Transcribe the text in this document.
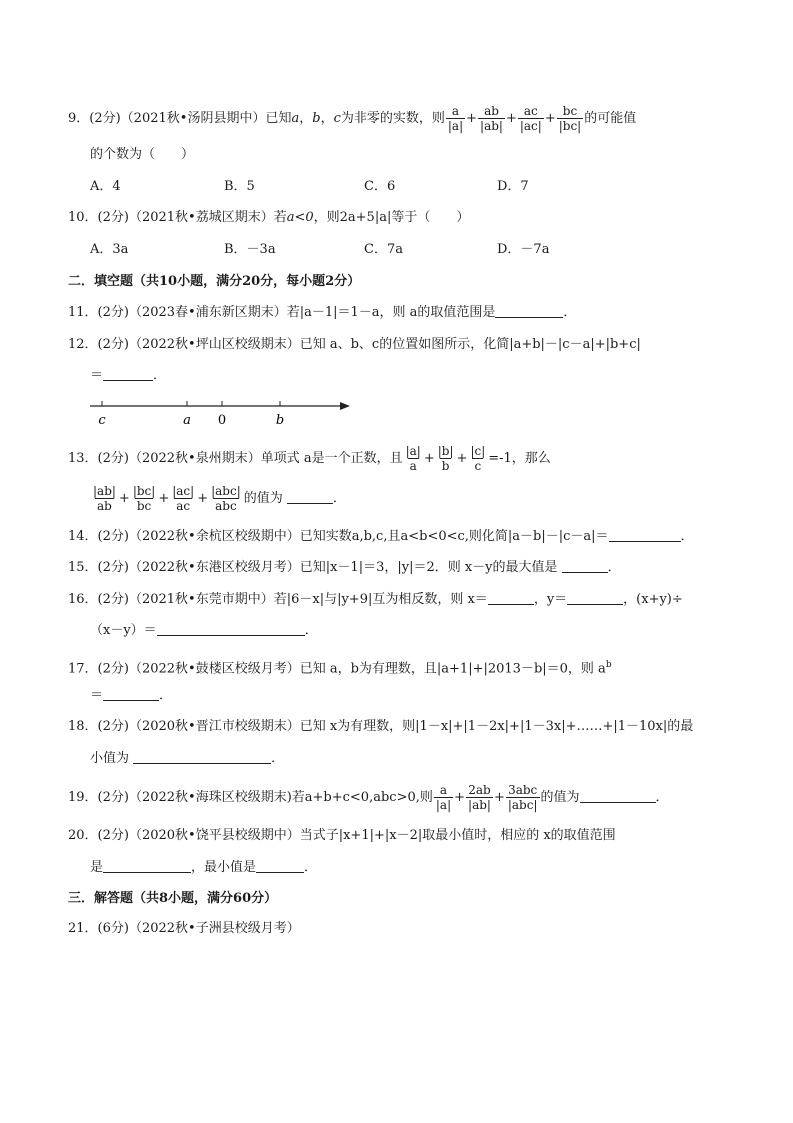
9．(2分)（2021秋•汤阴县期中）已知a，b，c为非零的实数，则 $\frac{a}{|a|} + \frac{ab}{|ab|} + \frac{ac}{|ac|} + \frac{bc}{|bc|}$ 的可能值
的个数为（　　）
A．4	B．5	C．6	D．7
10．(2分)（2021秋•荔城区期末）若a<0，则2a+5|a|等于（　　）
A．3a	B．－3a	C．7a	D．－7a
二．填空题（共10小题，满分20分，每小题2分）
11．(2分)（2023春•浦东新区期末）若|a－1|＝1－a，则 a的取值范围是	．
12．(2分)（2022秋•坪山区校级期末）已知 a、b、c的位置如图所示，化简|a+b|－|c－a|+|b+c|
＝	．
c	a 0	b
13．(2分)（2022秋•泉州期末）单项式 a是一个正数，且 $\frac{|a|}{a} + \frac{|b|}{b} + \frac{|c|}{c} =-1$，那么
$\frac{|ab|}{ab} + \frac{|bc|}{bc} + \frac{|ac|}{ac} + \frac{\text{|abc|}}{\text{abc}}$ 的值为	．
14．(2分)（2022秋•余杭区校级期中）已知实数a,b,c,且a<b<0<c,则化简|a－b|－|c－a|＝	．
15．(2分)（2022秋•东港区校级月考）已知|x－1|＝3，|y|＝2．则 x－y的最大值是	．
16．(2分)（2021秋•东莞市期中）若|6－x|与|y+9|互为相反数，则 x＝	，y＝	，(x+y)÷
（x－y）＝	．
17．(2分)（2022秋•鼓楼区校级月考）已知 a，b为有理数，且|a+1|+|2013－b|＝0，则 $a^b$
＝	．
18．(2分)（2020秋•晋江市校级期末）已知 x为有理数，则|1－x|+|1－2x|+|1－3x|+……+|1－10x|的最
小值为	．
19．(2分)（2022秋•海珠区校级期末)若a+b+c<0,abc>0,则 $\frac{a}{|a|} + \frac{2ab}{|ab|} + \frac{\text{3abc}}{\text{|abc|}}$ 的值为	．
20．(2分)（2020秋•饶平县校级期中）当式子|x+1|+|x－2|取最小值时，相应的 x的取值范围
是	，最小值是	．
三．解答题（共8小题，满分60分）
21．(6分)（2022秋•子洲县校级月考）
